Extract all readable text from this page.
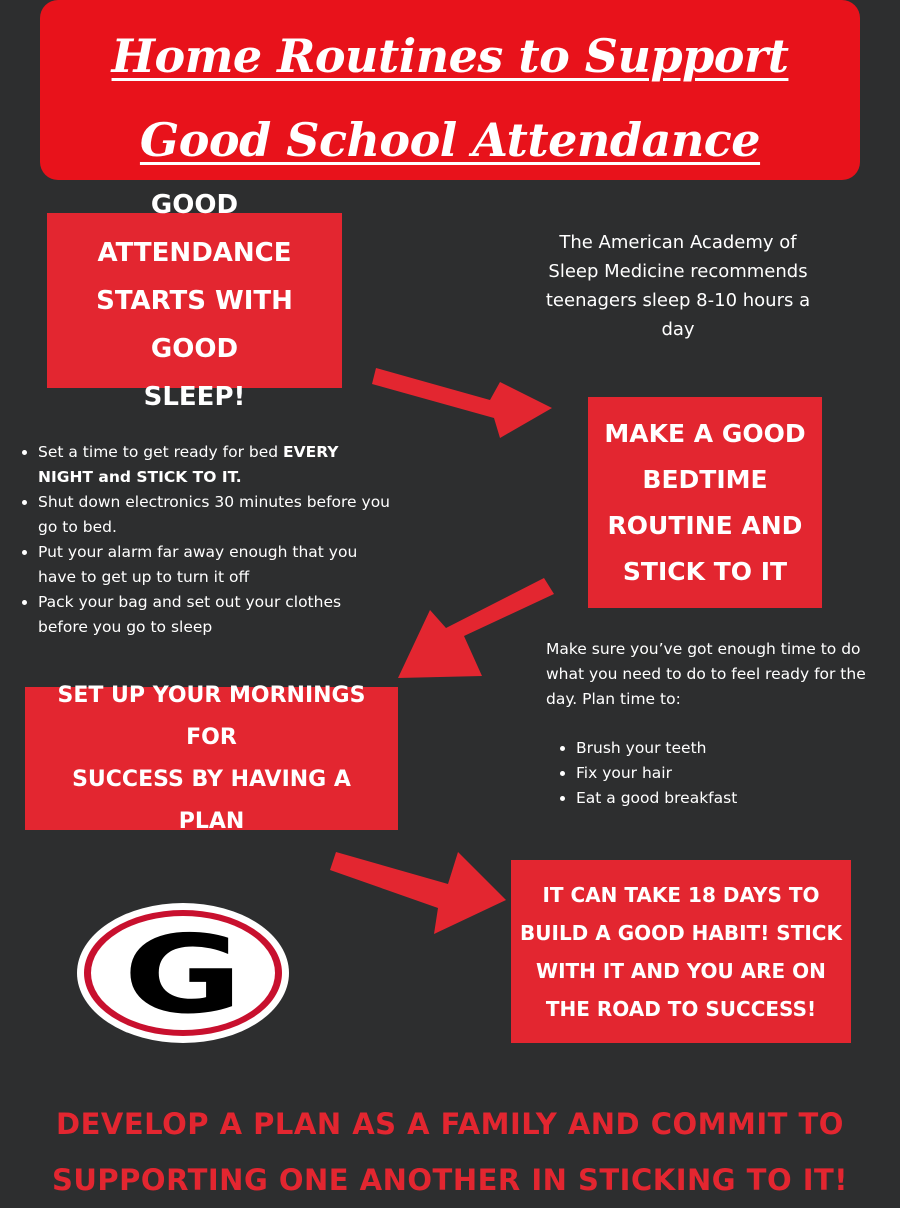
Home Routines to Support
Good School Attendance
GOOD ATTENDANCE
STARTS WITH GOOD
SLEEP!
The American Academy of
Sleep Medicine recommends
teenagers sleep 8-10 hours a
day
MAKE A GOOD
BEDTIME
ROUTINE AND
STICK TO IT
• Set a time to get ready for bed EVERY NIGHT and STICK TO IT.
• Shut down electronics 30 minutes before you go to bed.
• Put your alarm far away enough that you have to get up to turn it off
• Pack your bag and set out your clothes before you go to sleep
SET UP YOUR MORNINGS FOR
SUCCESS BY HAVING A
PLAN

Make sure you’ve got enough time to do what you need to do to feel ready for the day. Plan time to:

• Brush your teeth
• Fix your hair
• Eat a good breakfast
IT CAN TAKE 18 DAYS TO
BUILD A GOOD HABIT! STICK
WITH IT AND YOU ARE ON
THE ROAD TO SUCCESS!
G
DEVELOP A PLAN AS A FAMILY AND COMMIT TO
SUPPORTING ONE ANOTHER IN STICKING TO IT!
